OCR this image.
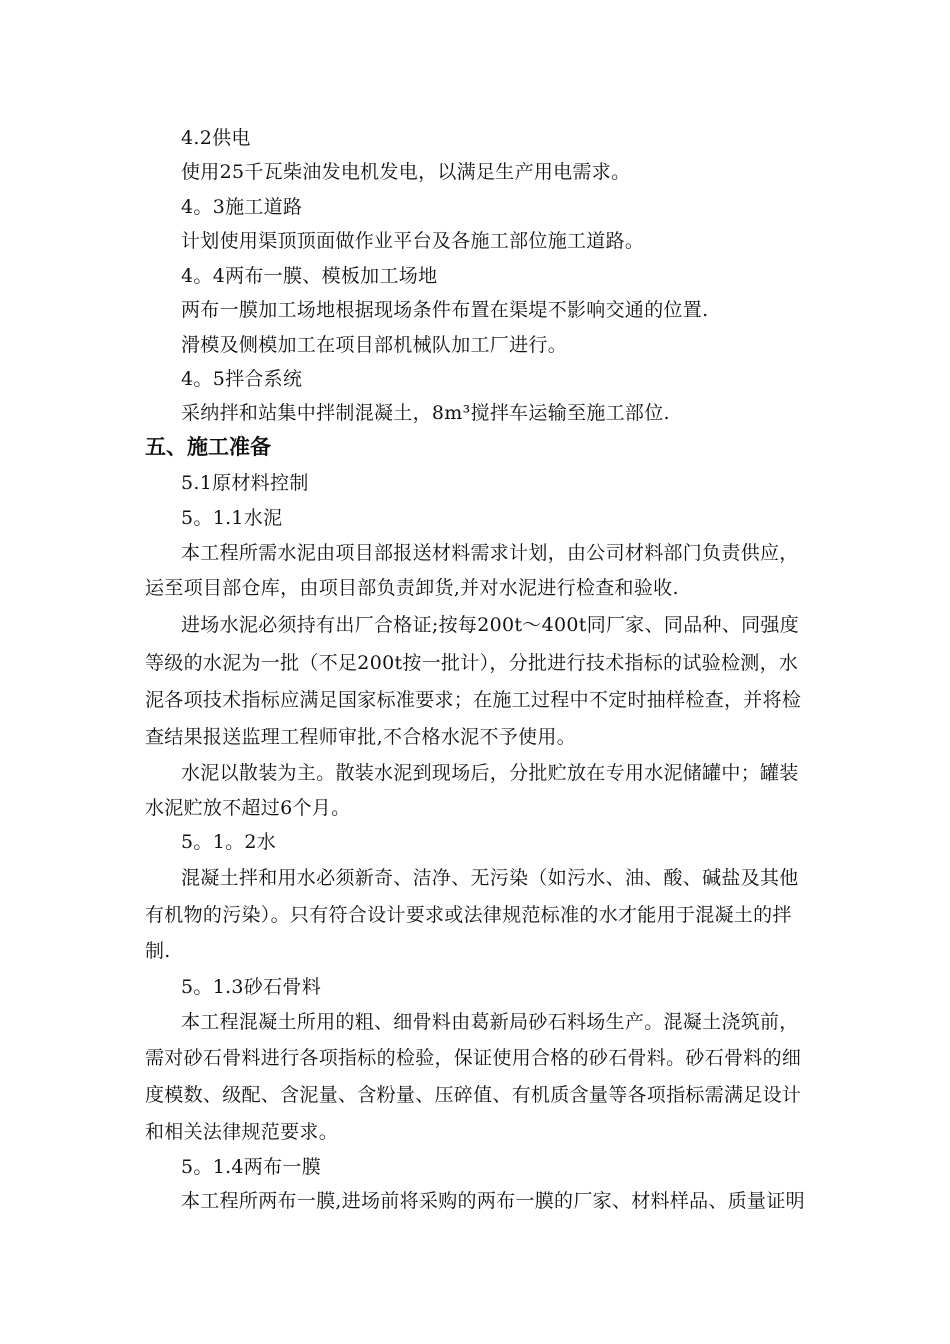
4.2供电
使用25千瓦柴油发电机发电，以满足生产用电需求。
4。3施工道路
计划使用渠顶顶面做作业平台及各施工部位施工道路。
4。4两布一膜、模板加工场地
两布一膜加工场地根据现场条件布置在渠堤不影响交通的位置.
滑模及侧模加工在项目部机械队加工厂进行。
4。5拌合系统
采纳拌和站集中拌制混凝土，8m³搅拌车运输至施工部位.
五、施工准备
5.1原材料控制
5。1.1水泥
本工程所需水泥由项目部报送材料需求计划，由公司材料部门负责供应，
运至项目部仓库，由项目部负责卸货,并对水泥进行检查和验收.
进场水泥必须持有出厂合格证;按每200t～400t同厂家、同品种、同强度
等级的水泥为一批（不足200t按一批计），分批进行技术指标的试验检测，水
泥各项技术指标应满足国家标准要求；在施工过程中不定时抽样检查，并将检
查结果报送监理工程师审批,不合格水泥不予使用。
水泥以散装为主。散装水泥到现场后，分批贮放在专用水泥储罐中；罐装
水泥贮放不超过6个月。
5。1。2水
混凝土拌和用水必须新奇、洁净、无污染（如污水、油、酸、碱盐及其他
有机物的污染）。只有符合设计要求或法律规范标准的水才能用于混凝土的拌
制.
5。1.3砂石骨料
本工程混凝土所用的粗、细骨料由葛新局砂石料场生产。混凝土浇筑前，
需对砂石骨料进行各项指标的检验，保证使用合格的砂石骨料。砂石骨料的细
度模数、级配、含泥量、含粉量、压碎值、有机质含量等各项指标需满足设计
和相关法律规范要求。
5。1.4两布一膜
本工程所两布一膜,进场前将采购的两布一膜的厂家、材料样品、质量证明
